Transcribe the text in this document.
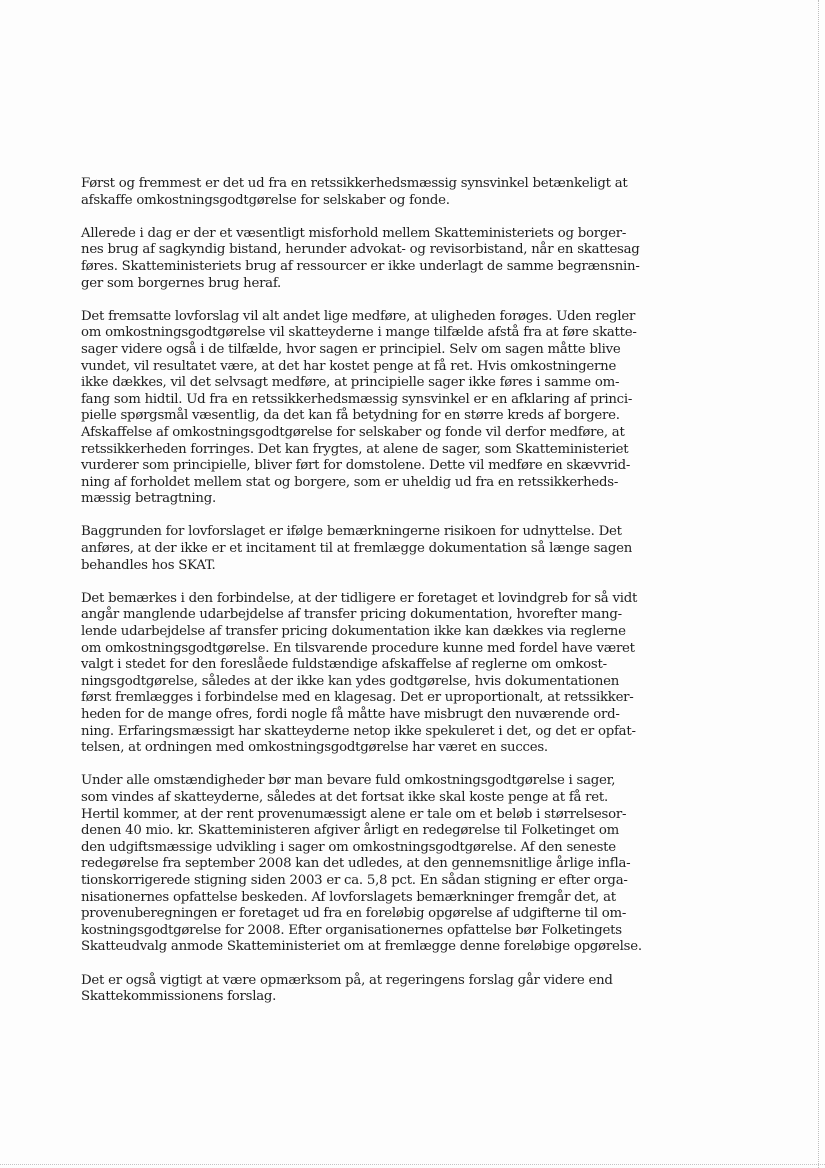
Først og fremmest er det ud fra en retssikkerhedsmæssig synsvinkel betænkeligt at
afskaffe omkostningsgodtgørelse for selskaber og fonde.

Allerede i dag er der et væsentligt misforhold mellem Skatteministeriets og borger-
nes brug af sagkyndig bistand, herunder advokat- og revisorbistand, når en skattesag
føres. Skatteministeriets brug af ressourcer er ikke underlagt de samme begrænsnin-
ger som borgernes brug heraf.

Det fremsatte lovforslag vil alt andet lige medføre, at uligheden forøges. Uden regler
om omkostningsgodtgørelse vil skatteyderne i mange tilfælde afstå fra at føre skatte-
sager videre også i de tilfælde, hvor sagen er principiel. Selv om sagen måtte blive
vundet, vil resultatet være, at det har kostet penge at få ret. Hvis omkostningerne
ikke dækkes, vil det selvsagt medføre, at principielle sager ikke føres i samme om-
fang som hidtil. Ud fra en retssikkerhedsmæssig synsvinkel er en afklaring af princi-
pielle spørgsmål væsentlig, da det kan få betydning for en større kreds af borgere.
Afskaffelse af omkostningsgodtgørelse for selskaber og fonde vil derfor medføre, at
retssikkerheden forringes. Det kan frygtes, at alene de sager, som Skatteministeriet
vurderer som principielle, bliver ført for domstolene. Dette vil medføre en skævvrid-
ning af forholdet mellem stat og borgere, som er uheldig ud fra en retssikkerheds-
mæssig betragtning.

Baggrunden for lovforslaget er ifølge bemærkningerne risikoen for udnyttelse. Det
anføres, at der ikke er et incitament til at fremlægge dokumentation så længe sagen
behandles hos SKAT.

Det bemærkes i den forbindelse, at der tidligere er foretaget et lovindgreb for så vidt
angår manglende udarbejdelse af transfer pricing dokumentation, hvorefter mang-
lende udarbejdelse af transfer pricing dokumentation ikke kan dækkes via reglerne
om omkostningsgodtgørelse. En tilsvarende procedure kunne med fordel have været
valgt i stedet for den foreslåede fuldstændige afskaffelse af reglerne om omkost-
ningsgodtgørelse, således at der ikke kan ydes godtgørelse, hvis dokumentationen
først fremlægges i forbindelse med en klagesag. Det er uproportionalt, at retssikker-
heden for de mange ofres, fordi nogle få måtte have misbrugt den nuværende ord-
ning. Erfaringsmæssigt har skatteyderne netop ikke spekuleret i det, og det er opfat-
telsen, at ordningen med omkostningsgodtgørelse har været en succes.

Under alle omstændigheder bør man bevare fuld omkostningsgodtgørelse i sager,
som vindes af skatteyderne, således at det fortsat ikke skal koste penge at få ret.
Hertil kommer, at der rent provenumæssigt alene er tale om et beløb i størrelsesor-
denen 40 mio. kr. Skatteministeren afgiver årligt en redegørelse til Folketinget om
den udgiftsmæssige udvikling i sager om omkostningsgodtgørelse. Af den seneste
redegørelse fra september 2008 kan det udledes, at den gennemsnitlige årlige infla-
tionskorrigerede stigning siden 2003 er ca. 5,8 pct. En sådan stigning er efter orga-
nisationernes opfattelse beskeden. Af lovforslagets bemærkninger fremgår det, at
provenuberegningen er foretaget ud fra en foreløbig opgørelse af udgifterne til om-
kostningsgodtgørelse for 2008. Efter organisationernes opfattelse bør Folketingets
Skatteudvalg anmode Skatteministeriet om at fremlægge denne foreløbige opgørelse.

Det er også vigtigt at være opmærksom på, at regeringens forslag går videre end
Skattekommissionens forslag.
